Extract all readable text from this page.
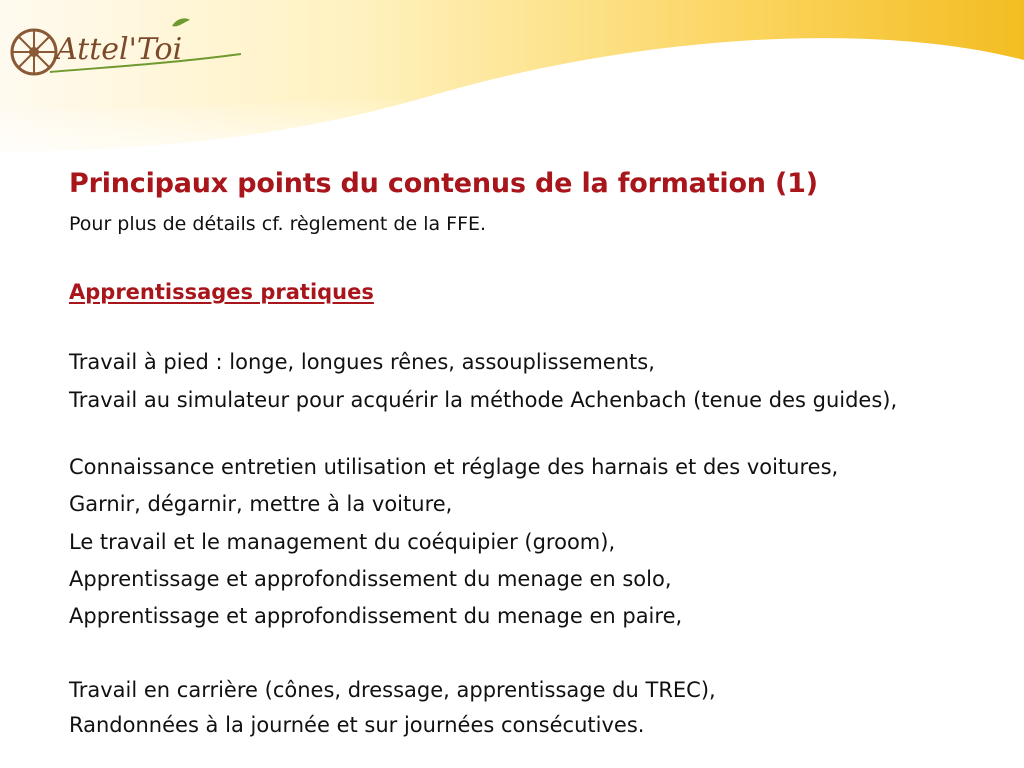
Attel'Toi
Principaux points du contenus de la formation (1)

Pour plus de détails cf. règlement de la FFE.

Apprentissages pratiques

Travail à pied : longe, longues rênes, assouplissements,

Travail au simulateur pour acquérir la méthode Achenbach (tenue des guides),

Connaissance entretien utilisation et réglage des harnais et des voitures,

Garnir, dégarnir, mettre à la voiture,

Le travail et le management du coéquipier (groom),

Apprentissage et approfondissement du menage en solo,

Apprentissage et approfondissement du menage en paire,

Travail en carrière (cônes, dressage, apprentissage du TREC),

Randonnées à la journée et sur journées consécutives.
